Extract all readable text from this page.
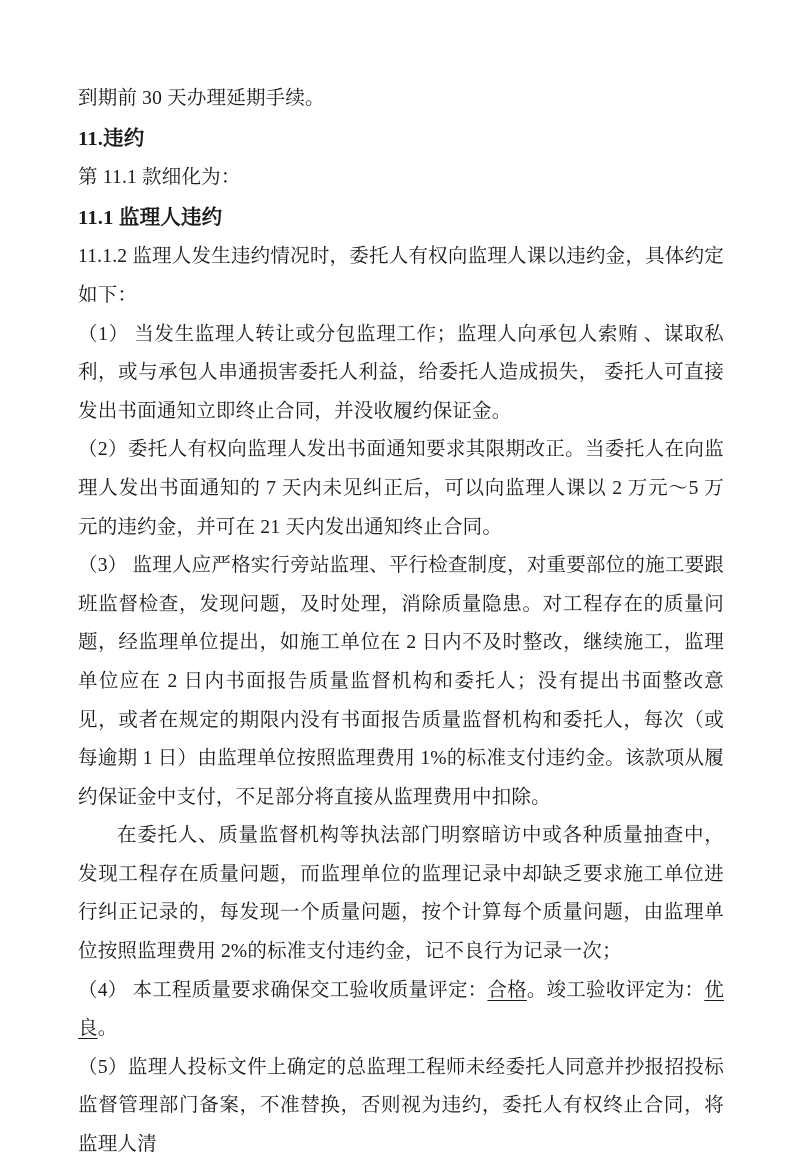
到期前 30 天办理延期手续。

11.违约

第 11.1 款细化为：

11.1 监理人违约

11.1.2 监理人发生违约情况时，委托人有权向监理人课以违约金，具体约定如下：

（1） 当发生监理人转让或分包监理工作；监理人向承包人索贿 、谋取私利，或与承包人串通损害委托人利益，给委托人造成损失， 委托人可直接发出书面通知立即终止合同，并没收履约保证金。

（2）委托人有权向监理人发出书面通知要求其限期改正。当委托人在向监理人发出书面通知的 7 天内未见纠正后，可以向监理人课以 2 万元～5 万元的违约金，并可在 21 天内发出通知终止合同。

（3） 监理人应严格实行旁站监理、平行检查制度，对重要部位的施工要跟班监督检查，发现问题，及时处理，消除质量隐患。对工程存在的质量问题，经监理单位提出，如施工单位在 2 日内不及时整改，继续施工，监理单位应在 2 日内书面报告质量监督机构和委托人；没有提出书面整改意见，或者在规定的期限内没有书面报告质量监督机构和委托人，每次（或每逾期 1 日）由监理单位按照监理费用 1%的标准支付违约金。该款项从履约保证金中支付，不足部分将直接从监理费用中扣除。

在委托人、质量监督机构等执法部门明察暗访中或各种质量抽查中，发现工程存在质量问题，而监理单位的监理记录中却缺乏要求施工单位进行纠正记录的，每发现一个质量问题，按个计算每个质量问题，由监理单位按照监理费用 2%的标准支付违约金，记不良行为记录一次；

（4） 本工程质量要求确保交工验收质量评定：合格。竣工验收评定为：优良。

（5）监理人投标文件上确定的总监理工程师未经委托人同意并抄报招投标监督管理部门备案，不准替换，否则视为违约，委托人有权终止合同，将监理人清
